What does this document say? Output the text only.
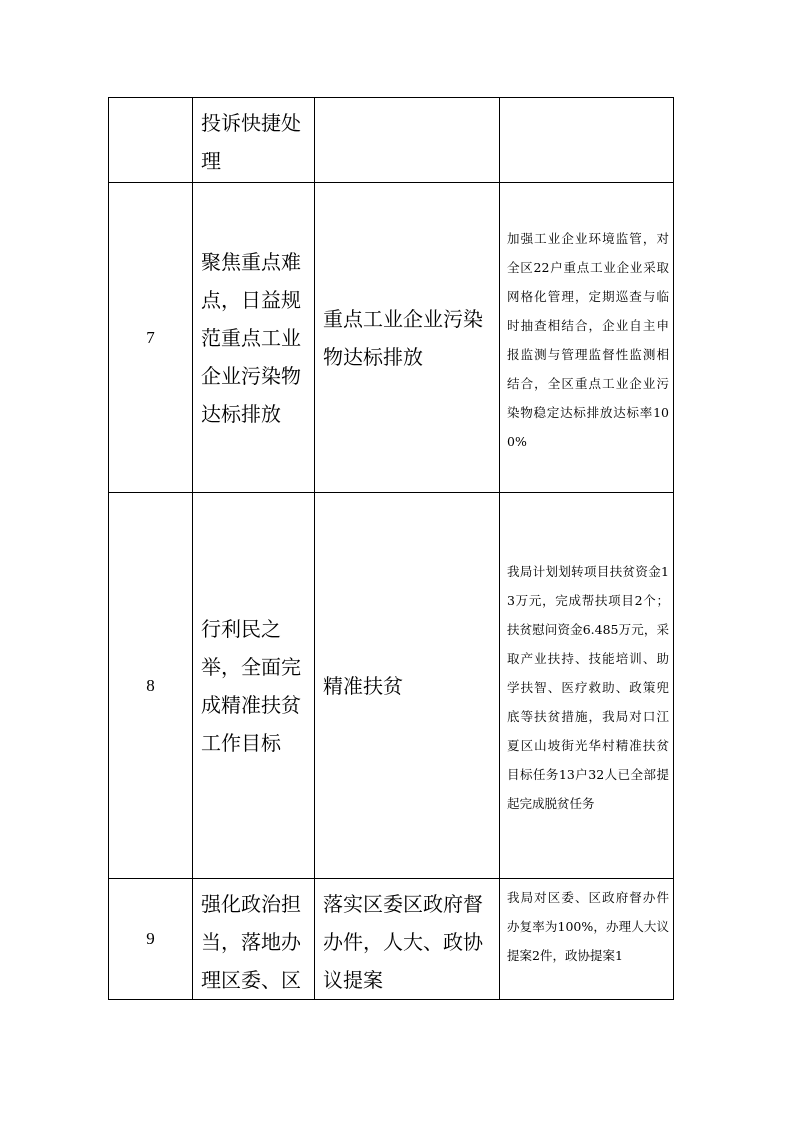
	投诉快捷处理		

7	聚焦重点难点，日益规范重点工业企业污染物达标排放	重点工业企业污染物达标排放	加强工业企业环境监管，对全区22户重点工业企业采取网格化管理，定期巡查与临时抽查相结合，企业自主申报监测与管理监督性监测相结合，全区重点工业企业污染物稳定达标排放达标率100%

8	行利民之举，全面完成精准扶贫工作目标	精准扶贫	我局计划划转项目扶贫资金13万元，完成帮扶项目2个；扶贫慰问资金6.485万元，采取产业扶持、技能培训、助学扶智、医疗救助、政策兜底等扶贫措施，我局对口江夏区山坡街光华村精准扶贫目标任务13户32人已全部提起完成脱贫任务

9	强化政治担当，落地办理区委、区	落实区委区政府督办件，人大、政协议提案	我局对区委、区政府督办件办复率为100%，办理人大议提案2件，政协提案1
